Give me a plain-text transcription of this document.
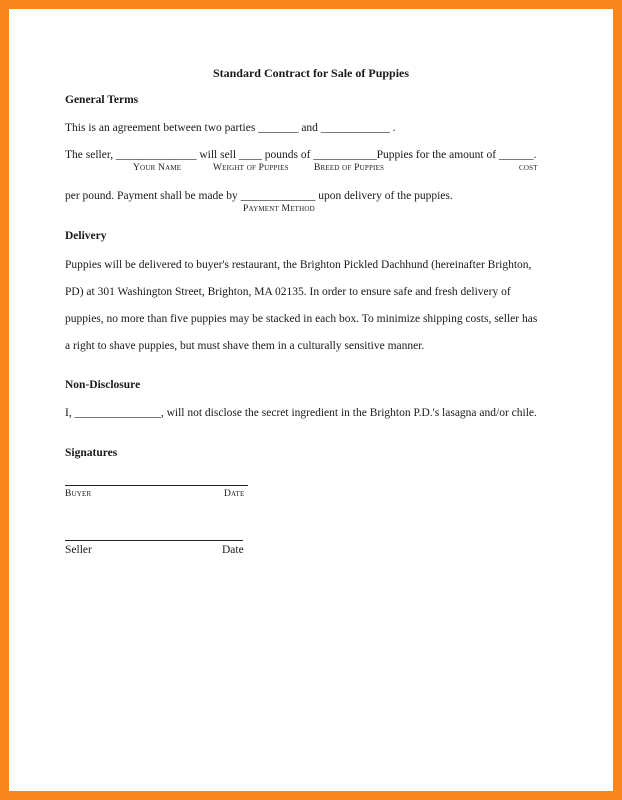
Standard Contract for Sale of Puppies
General Terms
This is an agreement between two parties _______ and ____________ .
The seller, ______________ will sell ____ pounds of ___________Puppies for the amount of ______.
Your Name	Weight of Puppies	Breed of Puppies	cost
per pound. Payment shall be made by _____________ upon delivery of the puppies.
Payment Method
Delivery
Puppies will be delivered to buyer's restaurant, the Brighton Pickled Dachhund (hereinafter Brighton,
PD) at 301 Washington Street, Brighton, MA 02135. In order to ensure safe and fresh delivery of
puppies, no more than five puppies may be stacked in each box. To minimize shipping costs, seller has
a right to shave puppies, but must shave them in a culturally sensitive manner.
Non-Disclosure
I, _______________, will not disclose the secret ingredient in the Brighton P.D.'s lasagna and/or chile.
Signatures
Buyer	Date
Seller	Date
